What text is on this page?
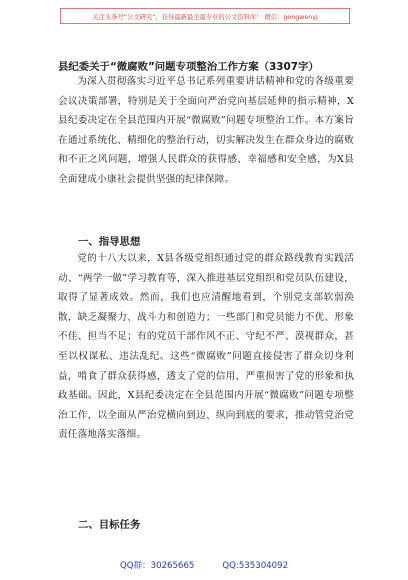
关注头条号“公文研究”，获得最新最全最专业的公文资料库！ 微信：gongwenyj
县纪委关于“微腐败”问题专项整治工作方案（3307字）

为深入贯彻落实习近平总书记系列重要讲话精神和党的各级重要会议决策部署，特别是关于全面向严治党向基层延伸的指示精神，X县纪委决定在全县范围内开展“微腐败”问题专项整治工作。本方案旨在通过系统化、精细化的整治行动，切实解决发生在群众身边的腐败和不正之风问题，增强人民群众的获得感、幸福感和安全感，为X县全面建成小康社会提供坚强的纪律保障。

一、指导思想

党的十八大以来，X县各级党组织通过党的群众路线教育实践活动、“两学一做”学习教育等，深入推进基层党组织和党员队伍建设，取得了显著成效。然而，我们也应清醒地看到，个别党支部软弱涣散，缺乏凝聚力、战斗力和创造力；一些部门和党员能力不优、形象不佳、担当不足；有的党员干部作风不正、守纪不严、漠视群众，甚至以权谋私、违法乱纪。这些“微腐败”问题直接侵害了群众切身利益，啃食了群众获得感，透支了党的信用，严重损害了党的形象和执政基础。因此，X县纪委决定在全县范围内开展“微腐败”问题专项整治工作，以全面从严治党横向到边、纵向到底的要求，推动管党治党责任落地落实落细。

二、目标任务
QQ群：30265665	QQ:535304092
